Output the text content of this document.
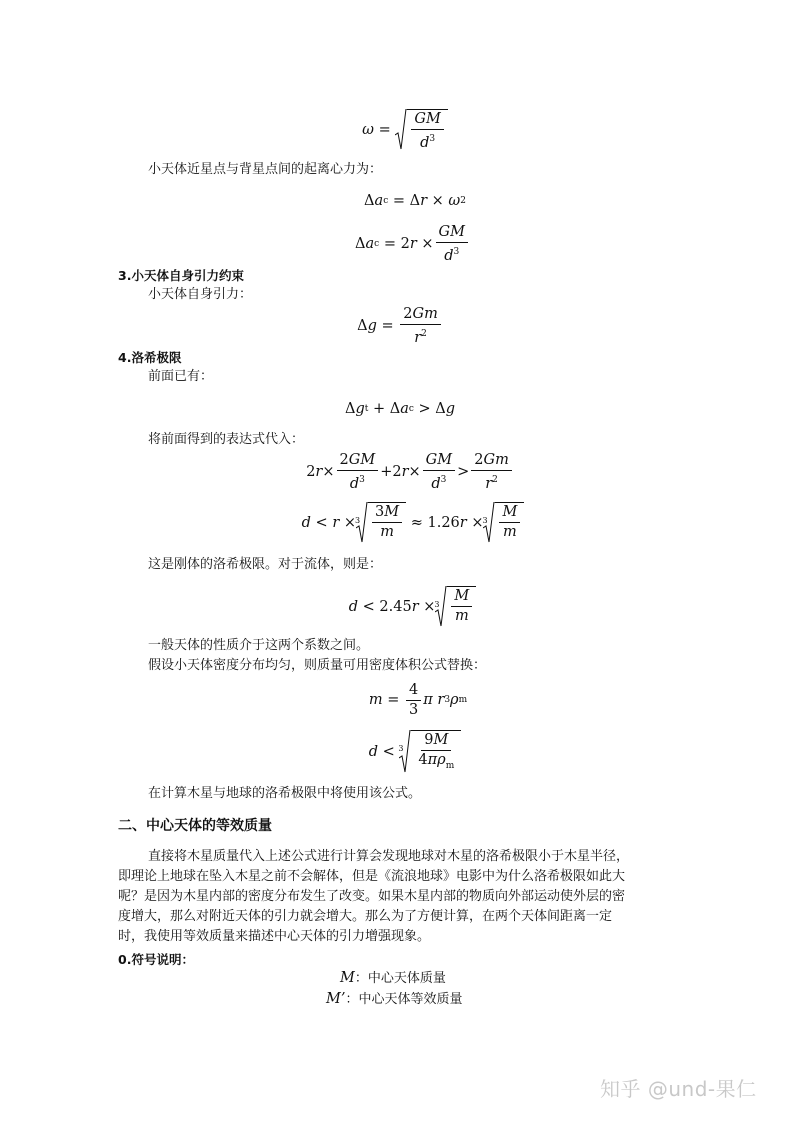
$\omega = \frac{GM}{d^3}$
小天体近星点与背星点间的起离心力为：
Δ a c = Δ r × ω 2
Δ a c = 2 $r \times \frac{GM}{d^3}$
3.小天体自身引力约束
小天体自身引力：
Δ $g = \frac{2Gm}{r^2}$
4.洛希极限
前面已有：
Δ g t + Δ a c > Δ g
将前面得到的表达式代入：
2 $r \times \frac{2GM}{d^3} +2$ $r \times \frac{GM}{d^3} > \frac{2Gm}{r^2}$
$d < r \times 3 \frac{3M}{m} \approx 1.26$ $r \times 3 \frac{M}{m}$
这是刚体的洛希极限。对于流体，则是：
d < 2.45 $r \times 3 \frac{M}{m}$
一般天体的性质介于这两个系数之间。
假设小天体密度分布均匀，则质量可用密度体积公式替换：
$m = \frac{4}{3}$ π r 3 ρ m
$d < 3 \frac{9M}{4\pi\rho_m}$
在计算木星与地球的洛希极限中将使用该公式。
二、中心天体的等效质量
直接将木星质量代入上述公式进行计算会发现地球对木星的洛希极限小于木星半径，
即理论上地球在坠入木星之前不会解体，但是《流浪地球》电影中为什么洛希极限如此大
呢？是因为木星内部的密度分布发生了改变。如果木星内部的物质向外部运动使外层的密
度增大，那么对附近天体的引力就会增大。那么为了方便计算，在两个天体间距离一定
时，我使用等效质量来描述中心天体的引力增强现象。
0.符号说明：
M：中心天体质量
M’：中心天体等效质量
知乎 @und-果仁
